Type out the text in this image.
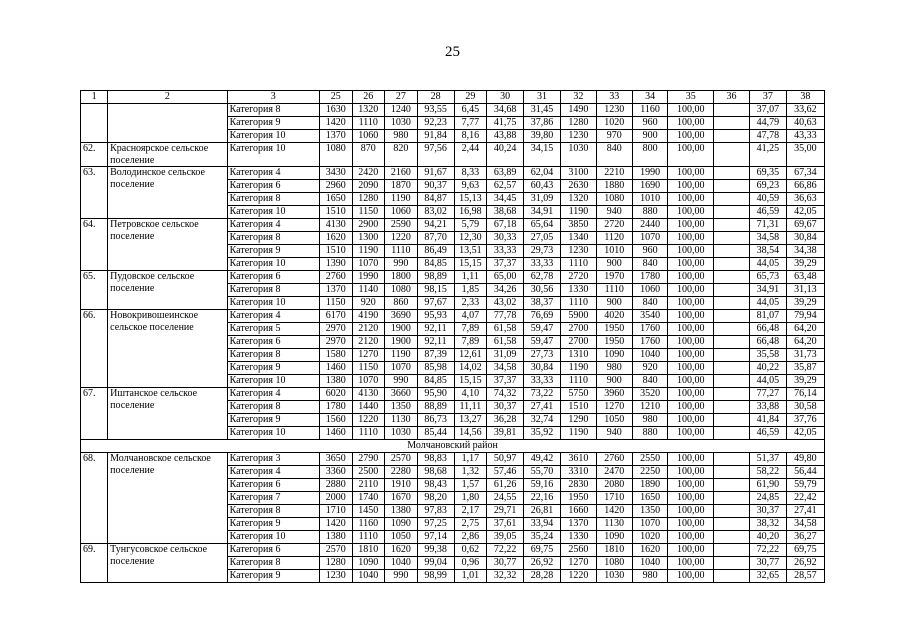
25
1	2	3	25	26	27	28	29	30	31	32	33	34	35	36	37	38
		Категория 8	1630	1320	1240	93,55	6,45	34,68	31,45	1490	1230	1160	100,00		37,07	33,62
		Категория 9	1420	1110	1030	92,23	7,77	41,75	37,86	1280	1020	960	100,00		44,79	40,63
		Категория 10	1370	1060	980	91,84	8,16	43,88	39,80	1230	970	900	100,00		47,78	43,33
62.	Красноярское сельское поселение	Категория 10	1080	870	820	97,56	2,44	40,24	34,15	1030	840	800	100,00		41,25	35,00
63.	Володинское сельское поселение	Категория 4	3430	2420	2160	91,67	8,33	63,89	62,04	3100	2210	1990	100,00		69,35	67,34
		Категория 6	2960	2090	1870	90,37	9,63	62,57	60,43	2630	1880	1690	100,00		69,23	66,86
		Категория 8	1650	1280	1190	84,87	15,13	34,45	31,09	1320	1080	1010	100,00		40,59	36,63
		Категория 10	1510	1150	1060	83,02	16,98	38,68	34,91	1190	940	880	100,00		46,59	42,05
64.	Петровское сельское поселение	Категория 4	4130	2900	2590	94,21	5,79	67,18	65,64	3850	2720	2440	100,00		71,31	69,67
		Категория 8	1620	1300	1220	87,70	12,30	30,33	27,05	1340	1120	1070	100,00		34,58	30,84
		Категория 9	1510	1190	1110	86,49	13,51	33,33	29,73	1230	1010	960	100,00		38,54	34,38
		Категория 10	1390	1070	990	84,85	15,15	37,37	33,33	1110	900	840	100,00		44,05	39,29
65.	Пудовское сельское поселение	Категория 6	2760	1990	1800	98,89	1,11	65,00	62,78	2720	1970	1780	100,00		65,73	63,48
		Категория 8	1370	1140	1080	98,15	1,85	34,26	30,56	1330	1110	1060	100,00		34,91	31,13
		Категория 10	1150	920	860	97,67	2,33	43,02	38,37	1110	900	840	100,00		44,05	39,29
66.	Новокривошеинское сельское поселение	Категория 4	6170	4190	3690	95,93	4,07	77,78	76,69	5900	4020	3540	100,00		81,07	79,94
		Категория 5	2970	2120	1900	92,11	7,89	61,58	59,47	2700	1950	1760	100,00		66,48	64,20
		Категория 6	2970	2120	1900	92,11	7,89	61,58	59,47	2700	1950	1760	100,00		66,48	64,20
		Категория 8	1580	1270	1190	87,39	12,61	31,09	27,73	1310	1090	1040	100,00		35,58	31,73
		Категория 9	1460	1150	1070	85,98	14,02	34,58	30,84	1190	980	920	100,00		40,22	35,87
		Категория 10	1380	1070	990	84,85	15,15	37,37	33,33	1110	900	840	100,00		44,05	39,29
67.	Иштанское сельское поселение	Категория 4	6020	4130	3660	95,90	4,10	74,32	73,22	5750	3960	3520	100,00		77,27	76,14
		Категория 8	1780	1440	1350	88,89	11,11	30,37	27,41	1510	1270	1210	100,00		33,88	30,58
		Категория 9	1560	1220	1130	86,73	13,27	36,28	32,74	1290	1050	980	100,00		41,84	37,76
		Категория 10	1460	1110	1030	85,44	14,56	39,81	35,92	1190	940	880	100,00		46,59	42,05
Молчановский район																
68.	Молчановское сельское поселение	Категория 3	3650	2790	2570	98,83	1,17	50,97	49,42	3610	2760	2550	100,00		51,37	49,80
		Категория 4	3360	2500	2280	98,68	1,32	57,46	55,70	3310	2470	2250	100,00		58,22	56,44
		Категория 6	2880	2110	1910	98,43	1,57	61,26	59,16	2830	2080	1890	100,00		61,90	59,79
		Категория 7	2000	1740	1670	98,20	1,80	24,55	22,16	1950	1710	1650	100,00		24,85	22,42
		Категория 8	1710	1450	1380	97,83	2,17	29,71	26,81	1660	1420	1350	100,00		30,37	27,41
		Категория 9	1420	1160	1090	97,25	2,75	37,61	33,94	1370	1130	1070	100,00		38,32	34,58
		Категория 10	1380	1110	1050	97,14	2,86	39,05	35,24	1330	1090	1020	100,00		40,20	36,27
69.	Тунгусовское сельское поселение	Категория 6	2570	1810	1620	99,38	0,62	72,22	69,75	2560	1810	1620	100,00		72,22	69,75
		Категория 8	1280	1090	1040	99,04	0,96	30,77	26,92	1270	1080	1040	100,00		30,77	26,92
		Категория 9	1230	1040	990	98,99	1,01	32,32	28,28	1220	1030	980	100,00		32,65	28,57
